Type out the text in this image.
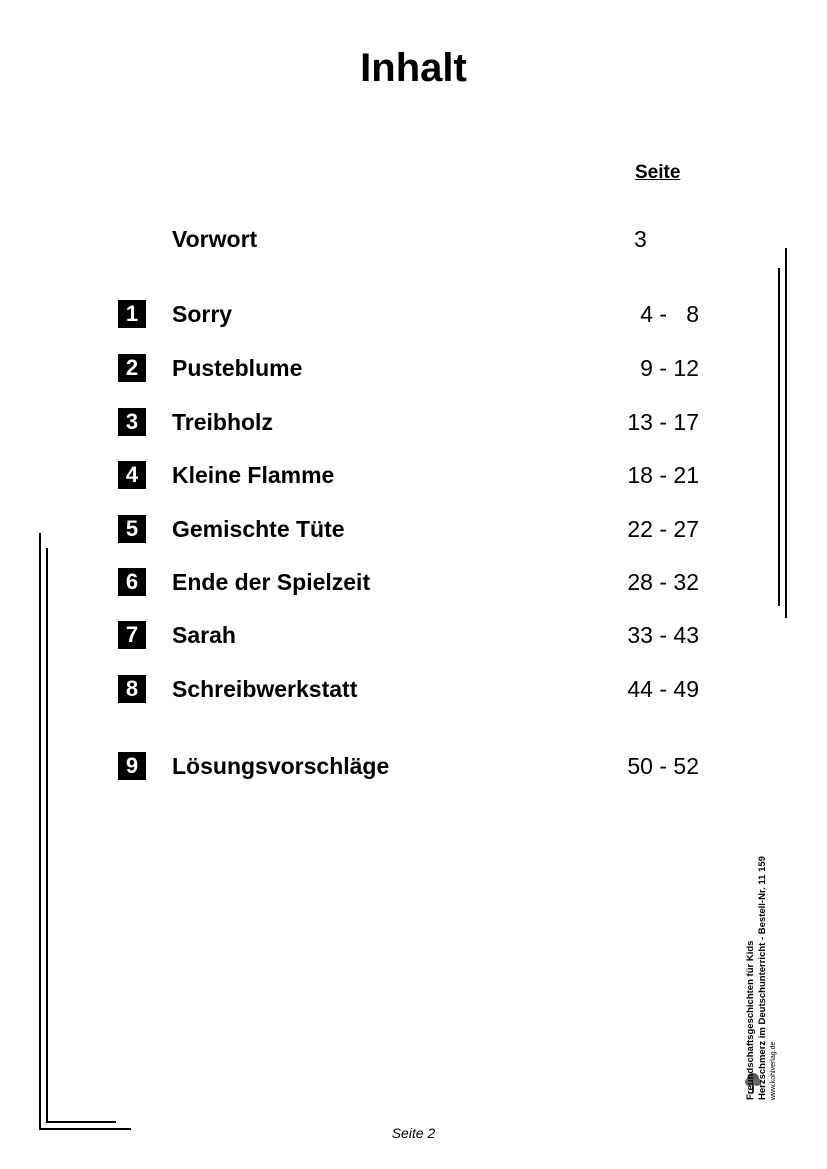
Inhalt
Seite
Vorwort	3
1	Sorry	4 -   8
2	Pusteblume	9 - 12
3	Treibholz	13 - 17
4	Kleine Flamme	18 - 21
5	Gemischte Tüte	22 - 27
6	Ende der Spielzeit	28 - 32
7	Sarah	33 - 43
8	Schreibwerkstatt	44 - 49
9	Lösungsvorschläge	50 - 52
Freundschaftsgeschichten für Kids Herzschmerz im Deutschunterricht - Bestell-Nr. 11 159 www.kohlverlag.de
Seite 2
